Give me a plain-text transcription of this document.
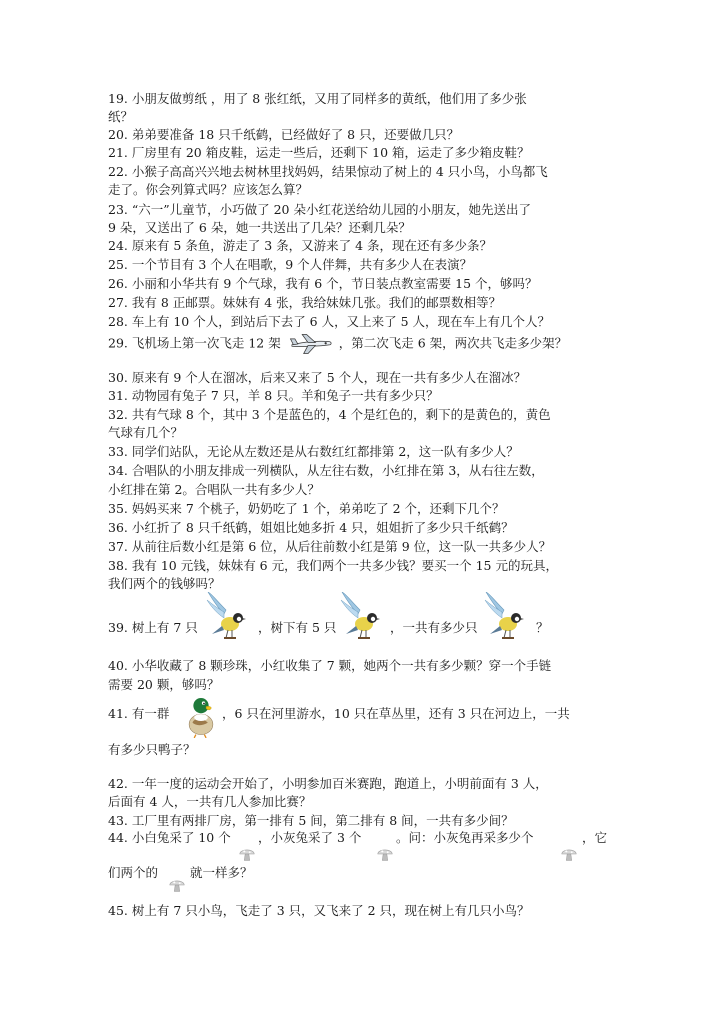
19. 小朋友做剪纸 ，用了 8 张红纸，又用了同样多的黄纸，他们用了多少张
纸？
20. 弟弟要准备 18 只千纸鹤，已经做好了 8 只，还要做几只？
21. 厂房里有 20 箱皮鞋，运走一些后，还剩下 10 箱，运走了多少箱皮鞋？
22. 小猴子高高兴兴地去树林里找妈妈，结果惊动了树上的 4 只小鸟，小鸟都飞
走了。你会列算式吗？应该怎么算？
23. “六一”儿童节，小巧做了 20 朵小红花送给幼儿园的小朋友，她先送出了
9 朵，又送出了 6 朵，她一共送出了几朵？还剩几朵？
24. 原来有 5 条鱼，游走了 3 条，又游来了 4 条，现在还有多少条？
25. 一个节目有 3 个人在唱歌，9 个人伴舞，共有多少人在表演？
26. 小丽和小华共有 9 个气球，我有 6 个，节日装点教室需要 15 个，够吗？
27. 我有 8 正邮票。妹妹有 4 张，我给妹妹几张。我们的邮票数相等？
28. 车上有 10 个人，到站后下去了 6 人，又上来了 5 人，现在车上有几个人？
29. 飞机场上第一次飞走 12 架	，第二次飞走 6 架，两次共飞走多少架？
30. 原来有 9 个人在溜冰，后来又来了 5 个人，现在一共有多少人在溜冰？
31. 动物园有兔子 7 只，羊 8 只。羊和兔子一共有多少只？
32. 共有气球 8 个，其中 3 个是蓝色的，4 个是红色的，剩下的是黄色的，黄色
气球有几个？
33. 同学们站队，无论从左数还是从右数红红都排第 2，这一队有多少人？
34. 合唱队的小朋友排成一列横队，从左往右数，小红排在第 3，从右往左数，
小红排在第 2。合唱队一共有多少人？
35. 妈妈买来 7 个桃子，奶奶吃了 1 个，弟弟吃了 2 个，还剩下几个？
36. 小红折了 8 只千纸鹤，姐姐比她多折 4 只，姐姐折了多少只千纸鹤？
37. 从前往后数小红是第 6 位，从后往前数小红是第 9 位，这一队一共多少人？
38. 我有 10 元钱，妹妹有 6 元，我们两个一共多少钱？要买一个 15 元的玩具，
我们两个的钱够吗？
39. 树上有 7 只	，树下有 5 只	，一共有多少只	？
40. 小华收藏了 8 颗珍珠，小红收集了 7 颗，她两个一共有多少颗？穿一个手链
需要 20 颗，够吗？
41. 有一群	，6 只在河里游水，10 只在草丛里，还有 3 只在河边上，一共
有多少只鸭子？
42. 一年一度的运动会开始了，小明参加百米赛跑，跑道上，小明前面有 3 人，
后面有 4 人，一共有几人参加比赛？
43. 工厂里有两排厂房，第一排有 5 间，第二排有 8 间，一共有多少间？
44. 小白兔采了 10 个 ，小灰兔采了 3 个	。问：小灰兔再采多少个	，它
们两个的	就一样多？
45. 树上有 7 只小鸟，飞走了 3 只，又飞来了 2 只，现在树上有几只小鸟？
